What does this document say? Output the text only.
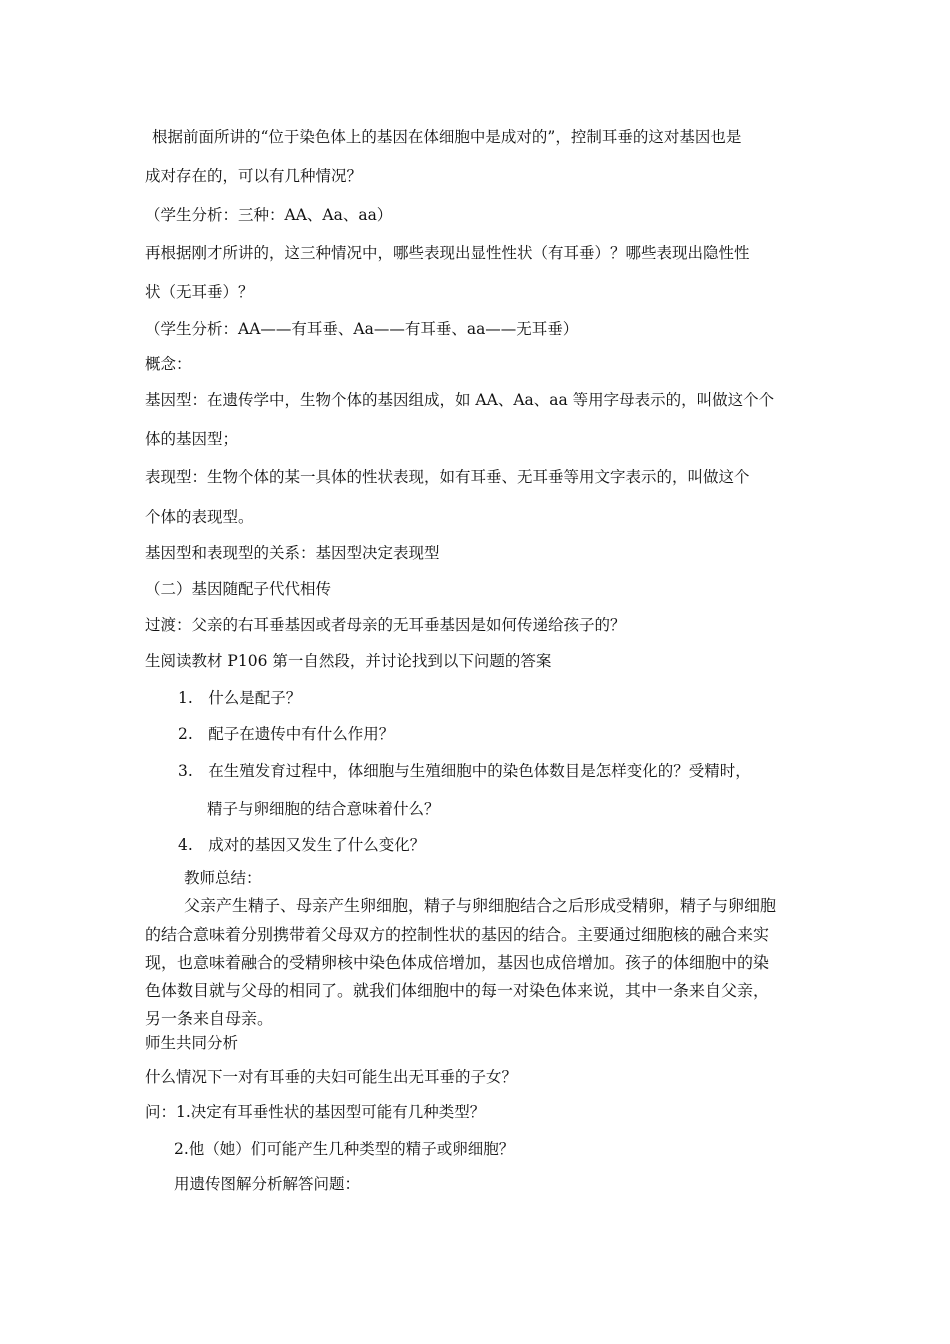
根据前面所讲的“位于染色体上的基因在体细胞中是成对的”，控制耳垂的这对基因也是
成对存在的，可以有几种情况？
（学生分析：三种：AA、Aa、aa）
再根据刚才所讲的，这三种情况中，哪些表现出显性性状（有耳垂）？哪些表现出隐性性
状（无耳垂）？
（学生分析：AA——有耳垂、Aa——有耳垂、aa——无耳垂）
概念：
基因型：在遗传学中，生物个体的基因组成，如 AA、Aa、aa 等用字母表示的，叫做这个个
体的基因型；
表现型：生物个体的某一具体的性状表现，如有耳垂、无耳垂等用文字表示的，叫做这个
个体的表现型。
基因型和表现型的关系：基因型决定表现型
（二）基因随配子代代相传
过渡：父亲的右耳垂基因或者母亲的无耳垂基因是如何传递给孩子的？
生阅读教材 P106 第一自然段，并讨论找到以下问题的答案
1.　什么是配子？
2.　配子在遗传中有什么作用？
3.　在生殖发育过程中，体细胞与生殖细胞中的染色体数目是怎样变化的？受精时，
精子与卵细胞的结合意味着什么？
4.　成对的基因又发生了什么变化？
教师总结：
父亲产生精子、母亲产生卵细胞，精子与卵细胞结合之后形成受精卵，精子与卵细胞
的结合意味着分别携带着父母双方的控制性状的基因的结合。主要通过细胞核的融合来实
现，也意味着融合的受精卵核中染色体成倍增加，基因也成倍增加。孩子的体细胞中的染
色体数目就与父母的相同了。就我们体细胞中的每一对染色体来说，其中一条来自父亲，
另一条来自母亲。
师生共同分析
什么情况下一对有耳垂的夫妇可能生出无耳垂的子女？
问：1.决定有耳垂性状的基因型可能有几种类型？
2.他（她）们可能产生几种类型的精子或卵细胞？
用遗传图解分析解答问题：
